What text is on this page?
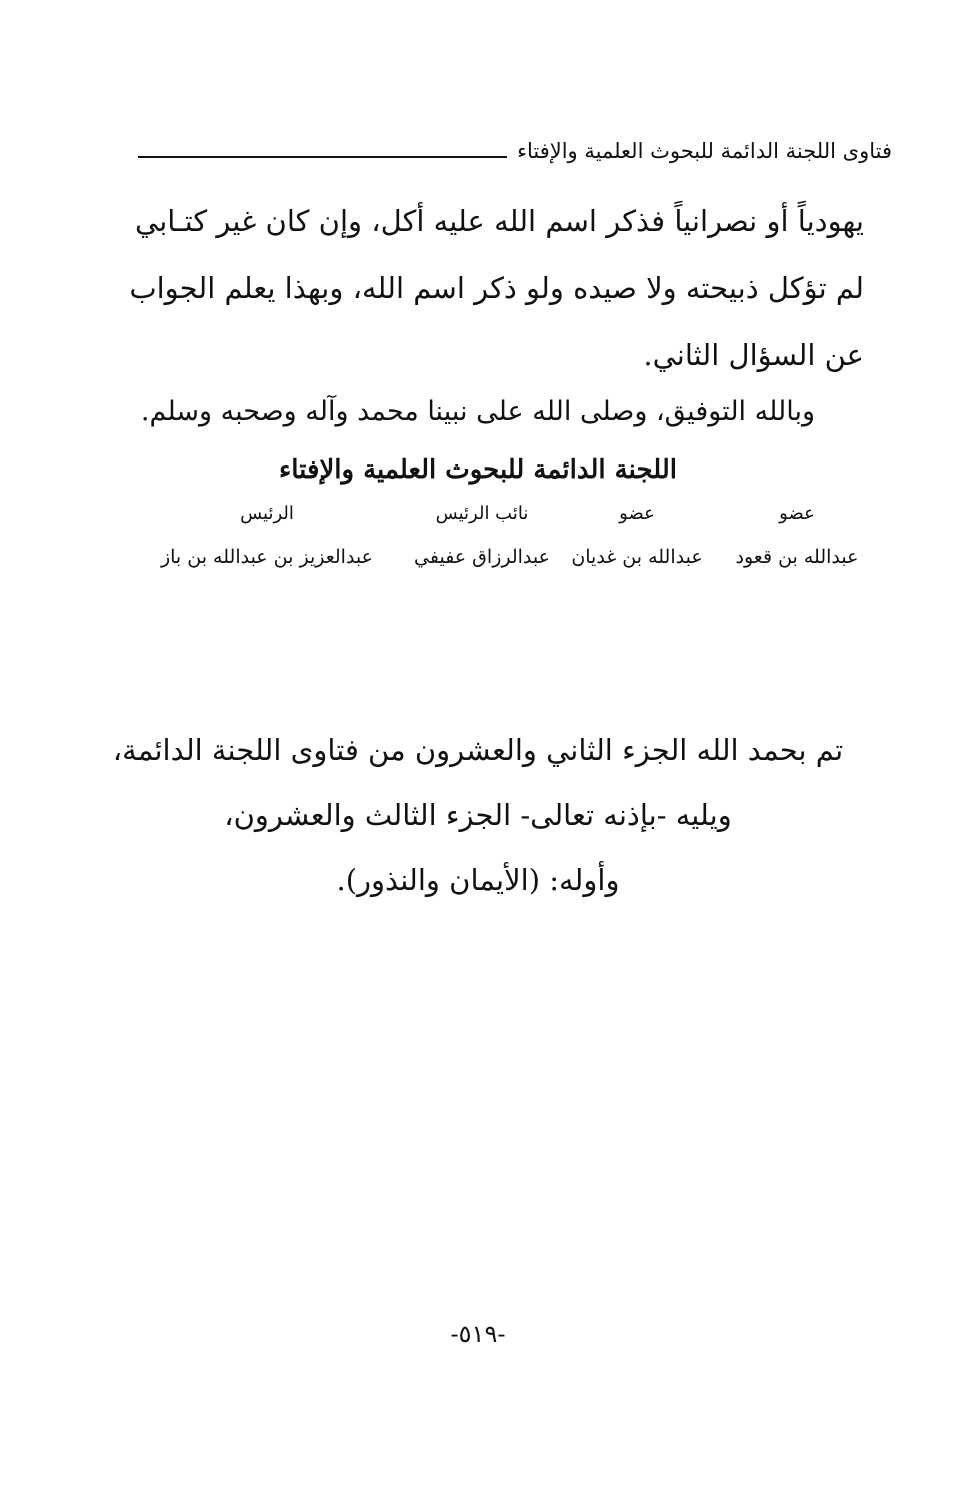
فتاوى اللجنة الدائمة للبحوث العلمية والإفتاء
يهودياً أو نصرانياً فذكر اسم الله عليه أكل، وإن كان غير كتـابي
لم تؤكل ذبيحته ولا صيده ولو ذكر اسم الله، وبهذا يعلم الجواب
عن السؤال الثاني.
وبالله التوفيق، وصلى الله على نبينا محمد وآله وصحبه وسلم.
اللجنة الدائمة للبحوث العلمية والإفتاء
عضو
عبدالله بن قعود
عضو
عبدالله بن غديان
نائب الرئيس
عبدالرزاق عفيفي
الرئيس
عبدالعزيز بن عبدالله بن باز
تم بحمد الله الجزء الثاني والعشرون من فتاوى اللجنة الدائمة،
ويليه -بإذنه تعالى- الجزء الثالث والعشرون،
وأوله: (الأيمان والنذور).
-٥١٩-
